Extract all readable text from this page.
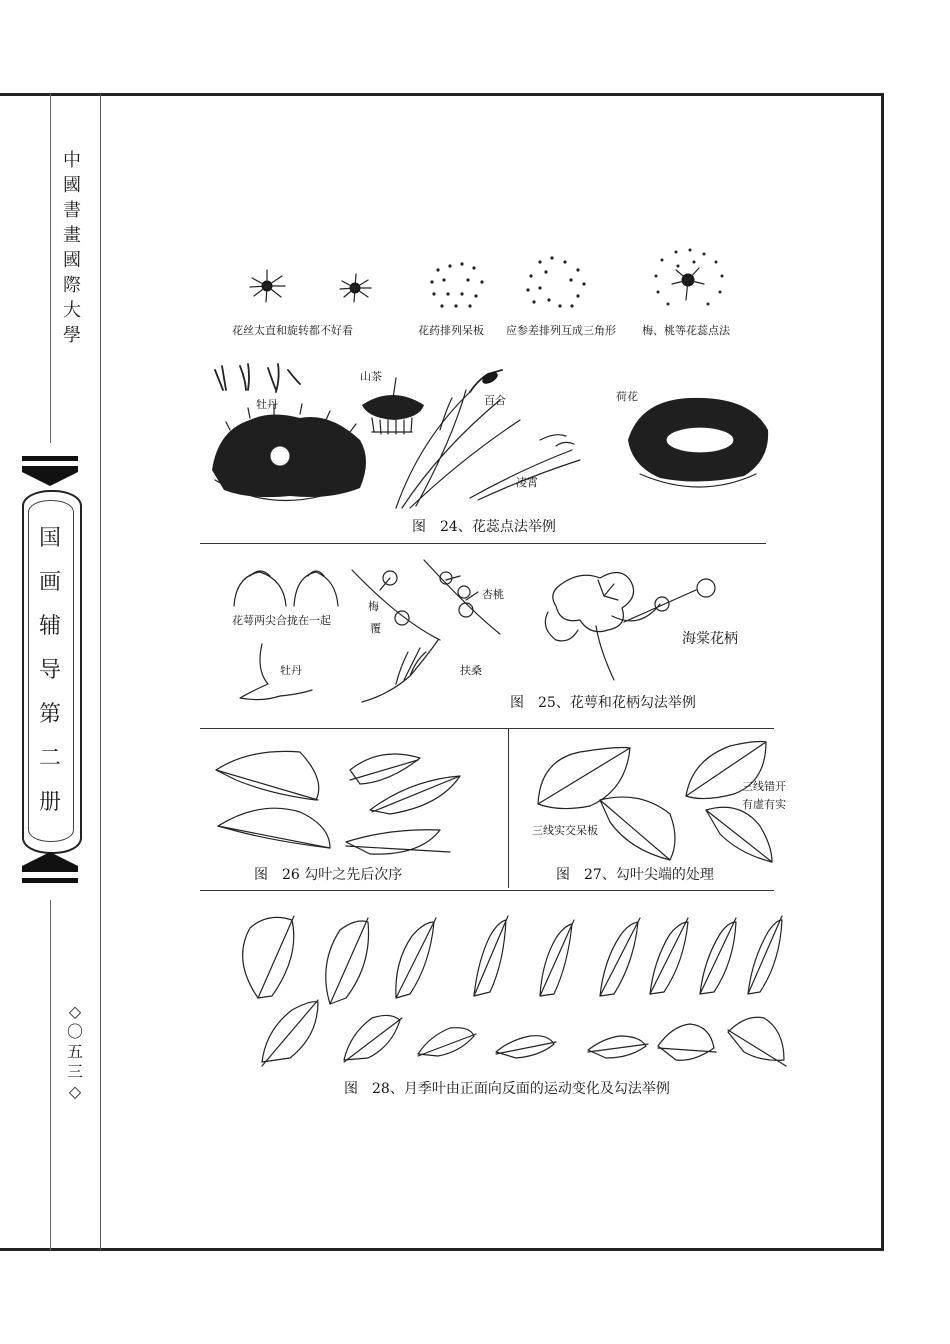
中
國
書
畫
國
際
大
學
国
画
辅
导
第
二
册
◇
〇
五
三
◇
花丝太直和旋转都不好看	花药排列呆板 应参差排列互成三角形 梅、桃等花蕊点法
牡丹
山茶
百合
凌霄
荷花
图　24、花蕊点法举例
花萼两尖合拢在一起
梅
覆
杏桃
牡丹	扶桑
海棠花柄
图　25、花萼和花柄勾法举例
图　26 勾叶之先后次序
三线实交呆板
三线错开
有虚有实
图　27、勾叶尖端的处理
图　28、月季叶由正面向反面的运动变化及勾法举例
